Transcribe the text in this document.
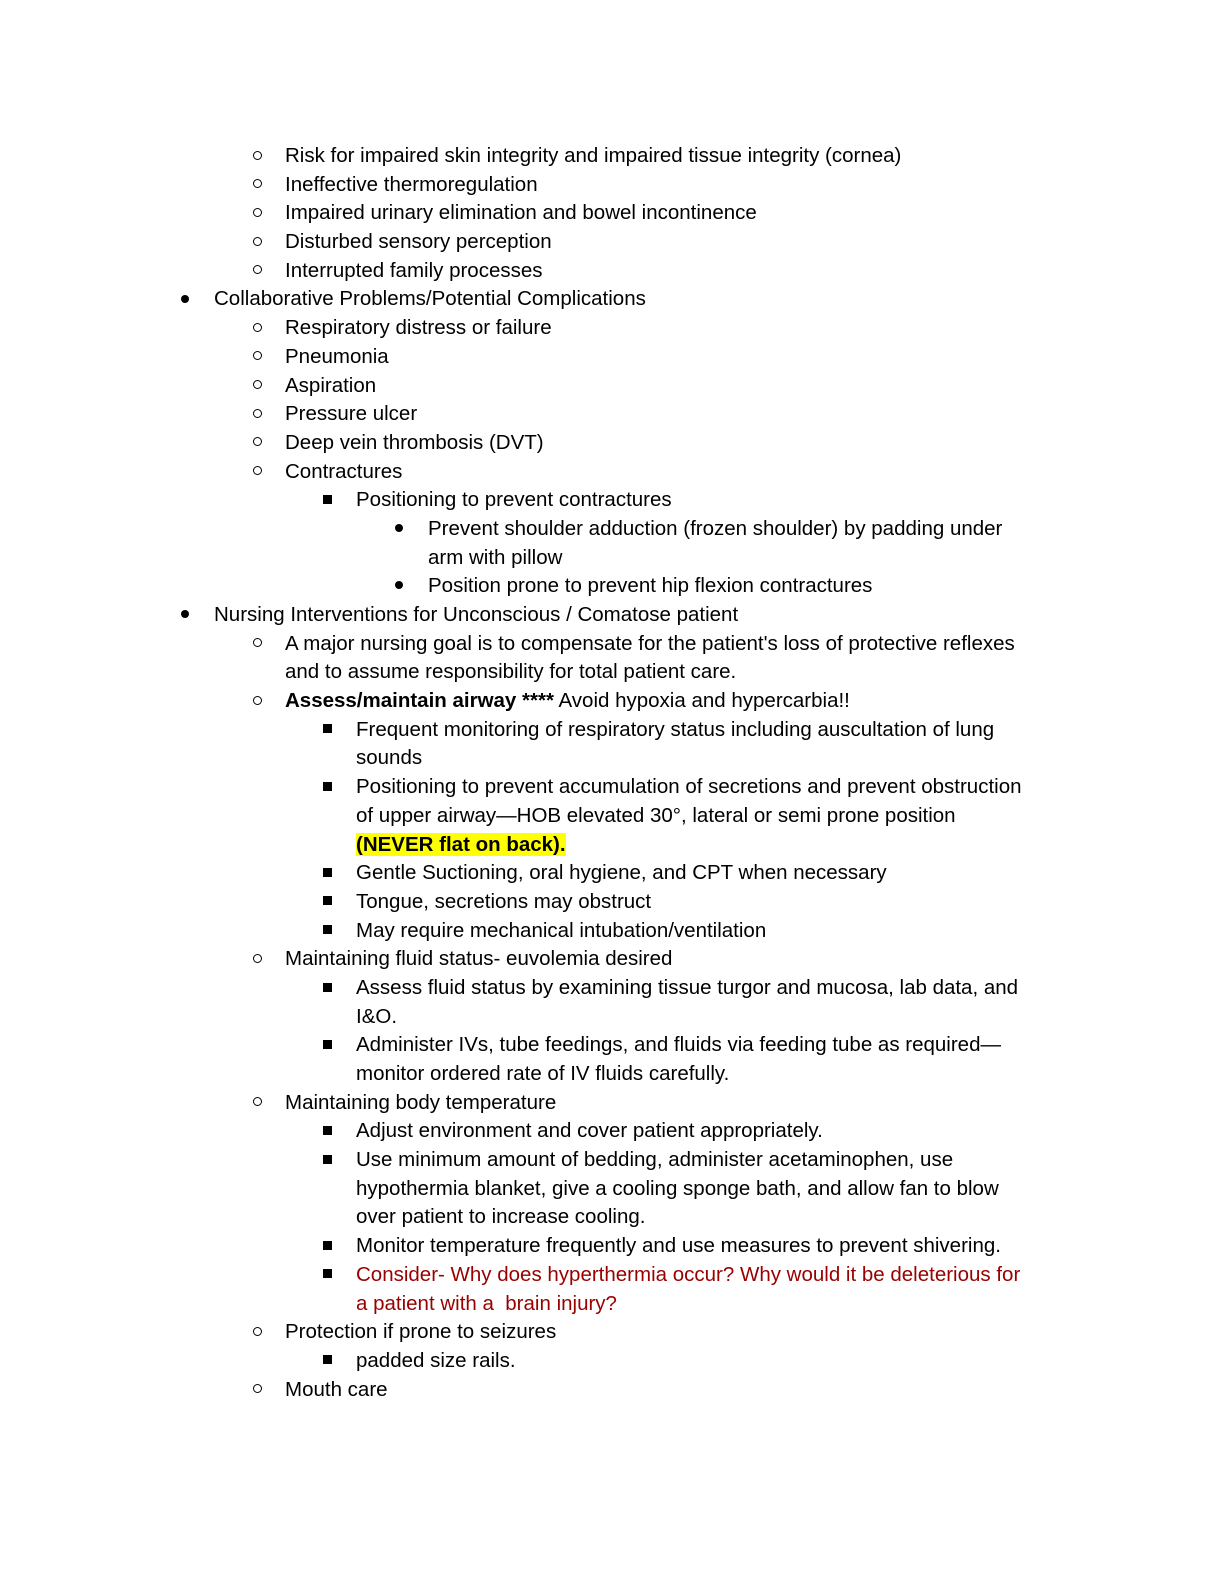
Risk for impaired skin integrity and impaired tissue integrity (cornea)
Ineffective thermoregulation
Impaired urinary elimination and bowel incontinence
Disturbed sensory perception
Interrupted family processes
Collaborative Problems/Potential Complications
Respiratory distress or failure
Pneumonia
Aspiration
Pressure ulcer
Deep vein thrombosis (DVT)
Contractures
Positioning to prevent contractures
Prevent shoulder adduction (frozen shoulder) by padding under
arm with pillow
Position prone to prevent hip flexion contractures
Nursing Interventions for Unconscious / Comatose patient
A major nursing goal is to compensate for the patient's loss of protective reflexes
and to assume responsibility for total patient care.
Assess/maintain airway **** Avoid hypoxia and hypercarbia!!
Frequent monitoring of respiratory status including auscultation of lung
sounds
Positioning to prevent accumulation of secretions and prevent obstruction
of upper airway—HOB elevated 30°, lateral or semi prone position
(NEVER flat on back).
Gentle Suctioning, oral hygiene, and CPT when necessary
Tongue, secretions may obstruct
May require mechanical intubation/ventilation
Maintaining fluid status- euvolemia desired
Assess fluid status by examining tissue turgor and mucosa, lab data, and
I&O.
Administer IVs, tube feedings, and fluids via feeding tube as required—
monitor ordered rate of IV fluids carefully.
Maintaining body temperature
Adjust environment and cover patient appropriately.
Use minimum amount of bedding, administer acetaminophen, use
hypothermia blanket, give a cooling sponge bath, and allow fan to blow
over patient to increase cooling.
Monitor temperature frequently and use measures to prevent shivering.
Consider- Why does hyperthermia occur? Why would it be deleterious for
a patient with a  brain injury?
Protection if prone to seizures
padded size rails.
Mouth care
